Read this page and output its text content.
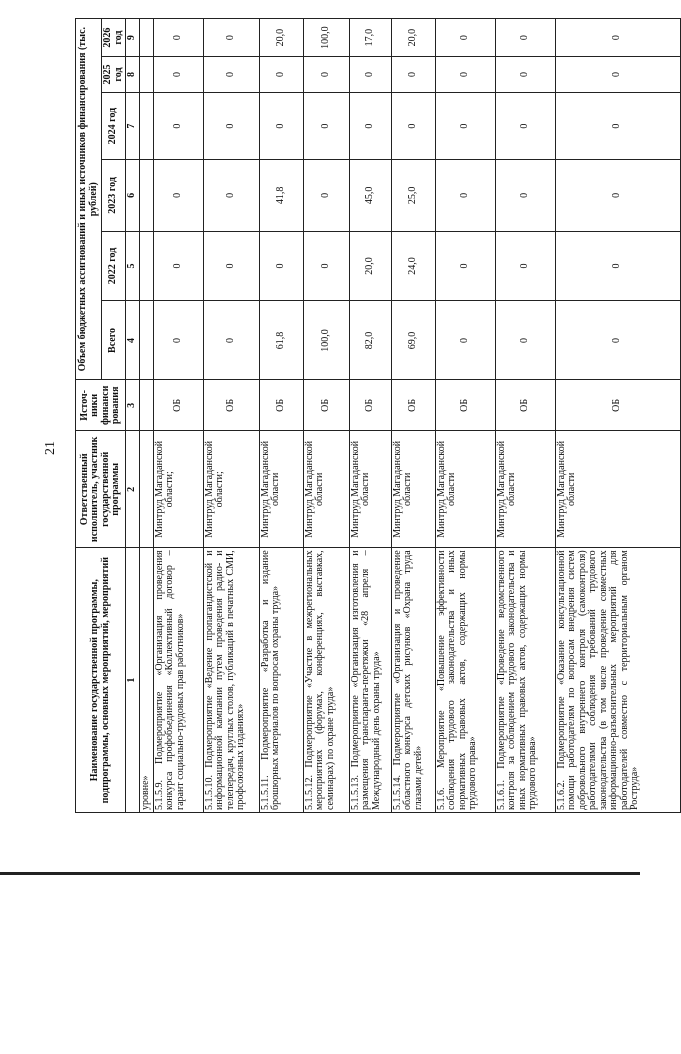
21
Наименование государственной программы, подпрограммы, основных мероприятий, мероприятий	Ответственный исполнитель, участник государственной программы	Источ-ники финанси рования	Объем бюджетных ассигнований и иных источников финансирования (тыс. рублей)					
			Всего	2022 год	2023 год	2024 год	2025 год	2026 год
1	2	3	4	5	6	7	8	9
уровне»								
5.1.5.9. Подмероприятие «Организация проведения конкурса профобъединения «Коллективный договор – гарант социально-трудовых прав работников»	Минтруд Магаданской области;	ОБ	0	0	0	0	0	0
5.1.5.10. Подмероприятие «Ведение пропагандистской и информационной кампании путем проведения радио- и телепередач, круглых столов, публикаций в печатных СМИ, профсоюзных изданиях»	Минтруд Магаданской области;	ОБ	0	0	0	0	0	0
5.1.5.11. Подмероприятие «Разработка и издание брошюрных материалов по вопросам охраны труда»	Минтруд Магаданской области	ОБ	61,8	0	41,8	0	0	20,0
5.1.5.12. Подмероприятие «Участие в межрегиональных мероприятиях (форумах, конференциях, выставках, семинарах) по охране труда»	Минтруд Магаданской области	ОБ	100,0	0	0	0	0	100,0
5.1.5.13. Подмероприятие «Организация изготовления и размещения транспаранта-перетяжки «28 апреля – Международный день охраны труда»	Минтруд Магаданской области	ОБ	82,0	20,0	45,0	0	0	17,0
5.1.5.14. Подмероприятие «Организация и проведение областного конкурса детских рисунков «Охрана труда глазами детей»	Минтруд Магаданской области	ОБ	69,0	24,0	25,0	0	0	20,0
5.1.6. Мероприятие «Повышение эффективности соблюдения трудового законодательства и иных нормативных правовых актов, содержащих нормы трудового права»	Минтруд Магаданской области	ОБ	0	0	0	0	0	0
5.1.6.1. Подмероприятие «Проведение ведомственного контроля за соблюдением трудового законодательства и иных нормативных правовых актов, содержащих нормы трудового права»	Минтруд Магаданской области	ОБ	0	0	0	0	0	0
5.1.6.2. Подмероприятие «Оказание консультационной помощи работодателям по вопросам внедрения систем добровольного внутреннего контроля (самоконтроля) работодателями соблюдения требований трудового законодательства (в том числе проведение совместных информационно-разъяснительных мероприятий для работодателей совместно с территориальным органом Роструда»	Минтруд Магаданской области	ОБ	0	0	0	0	0	0
